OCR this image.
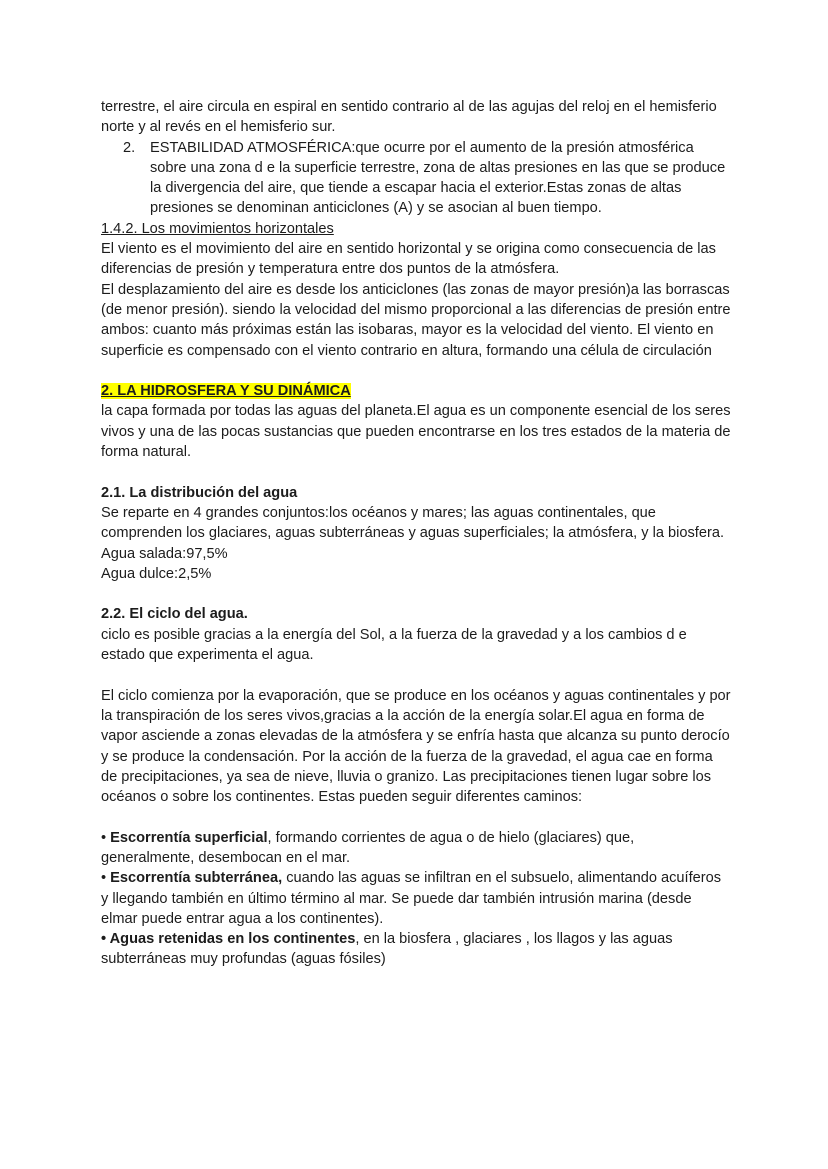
terrestre, el aire circula en espiral en sentido contrario al de las agujas del reloj en el hemisferio norte y al revés en el hemisferio sur.

2. ESTABILIDAD ATMOSFÉRICA:que ocurre por el aumento de la presión atmosférica sobre una zona d e la superficie terrestre, zona de altas presiones en las que se produce la divergencia del aire, que tiende a escapar hacia el exterior.Estas zonas de altas presiones se denominan anticiclones (A) y se asocian al buen tiempo.

1.4.2. Los movimientos horizontales

El viento es el movimiento del aire en sentido horizontal y se origina como consecuencia de las diferencias de presión y temperatura entre dos puntos de la atmósfera.

El desplazamiento del aire es desde los anticiclones (las zonas de mayor presión)a las borrascas (de menor presión). siendo la velocidad del mismo proporcional a las diferencias de presión entre ambos: cuanto más próximas están las isobaras, mayor es la velocidad del viento. El viento en superficie es compensado con el viento contrario en altura, formando una célula de circulación

2. LA HIDROSFERA Y SU DINÁMICA

la capa formada por todas las aguas del planeta.El agua es un componente esencial de los seres vivos y una de las pocas sustancias que pueden encontrarse en los tres estados de la materia de forma natural.

2.1. La distribución del agua

Se reparte en 4 grandes conjuntos:los océanos y mares; las aguas continentales, que comprenden los glaciares, aguas subterráneas y aguas superficiales; la atmósfera, y la biosfera.

Agua salada:97,5%

Agua dulce:2,5%

2.2. El ciclo del agua.

ciclo es posible gracias a la energía del Sol, a la fuerza de la gravedad y a los cambios d e estado que experimenta el agua.

El ciclo comienza por la evaporación, que se produce en los océanos y aguas continentales y por la transpiración de los seres vivos,gracias a la acción de la energía solar.El agua en forma de vapor asciende a zonas elevadas de la atmósfera y se enfría hasta que alcanza su punto derocío y se produce la condensación. Por la acción de la fuerza de la gravedad, el agua cae en forma de precipitaciones, ya sea de nieve, lluvia o granizo. Las precipitaciones tienen lugar sobre los océanos o sobre los continentes. Estas pueden seguir diferentes caminos:

• Escorrentía superficial, formando corrientes de agua o de hielo (glaciares) que, generalmente, desembocan en el mar.

• Escorrentía subterránea, cuando las aguas se infiltran en el subsuelo, alimentando acuíferos y llegando también en último término al mar. Se puede dar también intrusión marina (desde elmar puede entrar agua a los continentes).

• Aguas retenidas en los continentes, en la biosfera , glaciares , los llagos y las aguas subterráneas muy profundas (aguas fósiles)
